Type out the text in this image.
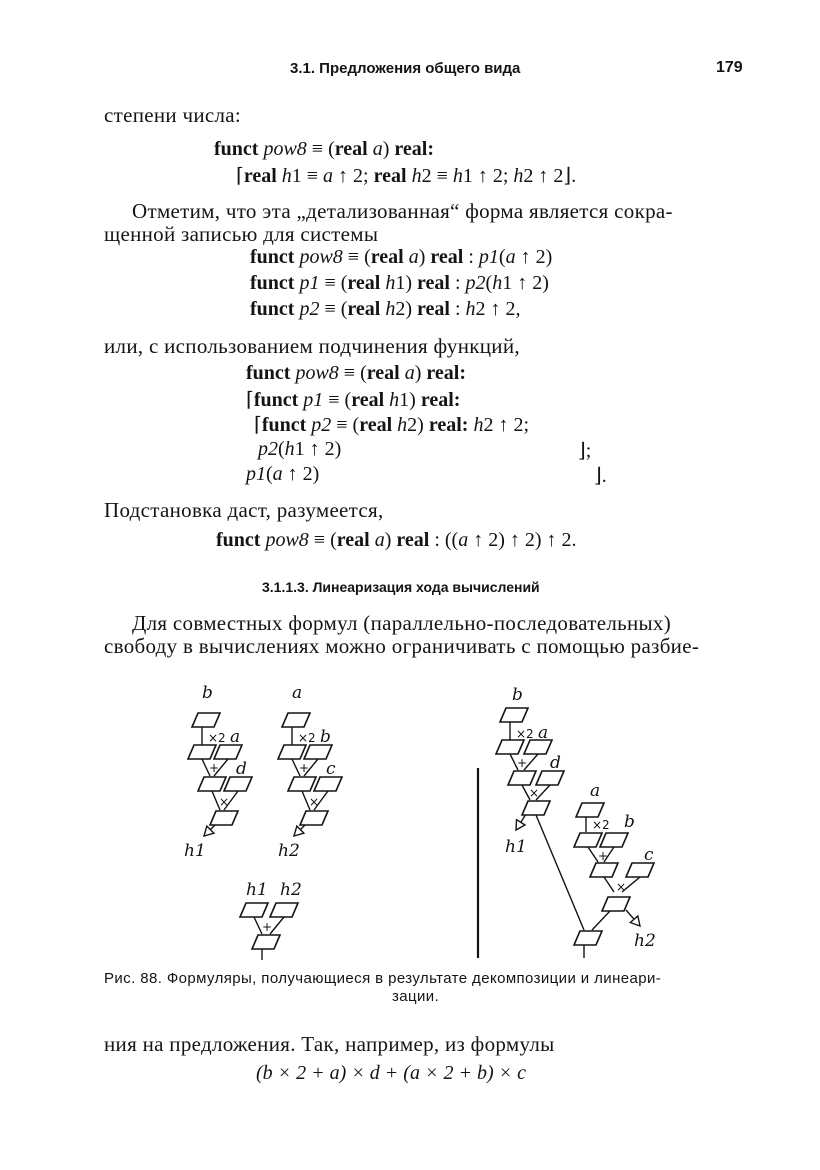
3.1. Предложения общего вида	179
степени числа:
funct pow8 ≡ (real a) real:
⌈real h1 ≡ a ↑ 2; real h2 ≡ h1 ↑ 2; h2 ↑ 2⌋.
Отметим, что эта „детализованная“ форма является сокра-
щенной записью для системы
funct pow8 ≡ (real a) real : p1(a ↑ 2)
funct p1 ≡ (real h1) real : p2(h1 ↑ 2)
funct p2 ≡ (real h2) real : h2 ↑ 2,
или, с использованием подчинения функций,
funct pow8 ≡ (real a) real:
⌈funct p1 ≡ (real h1) real:
⌈funct p2 ≡ (real h2) real: h2 ↑ 2;
p2(h1 ↑ 2)	⌋;
p1(a ↑ 2)	⌋.
Подстановка даст, разумеется,
funct pow8 ≡ (real a) real : ((a ↑ 2) ↑ 2) ↑ 2.
3.1.1.3. Линеаризация хода вычислений
Для совместных формул (параллельно-последовательных)
свободу в вычислениях можно ограничивать с помощью разбие-
b
×2 a
+ d
×
h1
a
×2 b
+ c
×
h2
h1 h2
+
b
×2 a
+ d
×
h1
a
×2 b
+ c
×
h2
Рис. 88. Формуляры, получающиеся в результате декомпозиции и линеари-
зации.
ния на предложения. Так, например, из формулы
(b × 2 + a) × d + (a × 2 + b) × c
